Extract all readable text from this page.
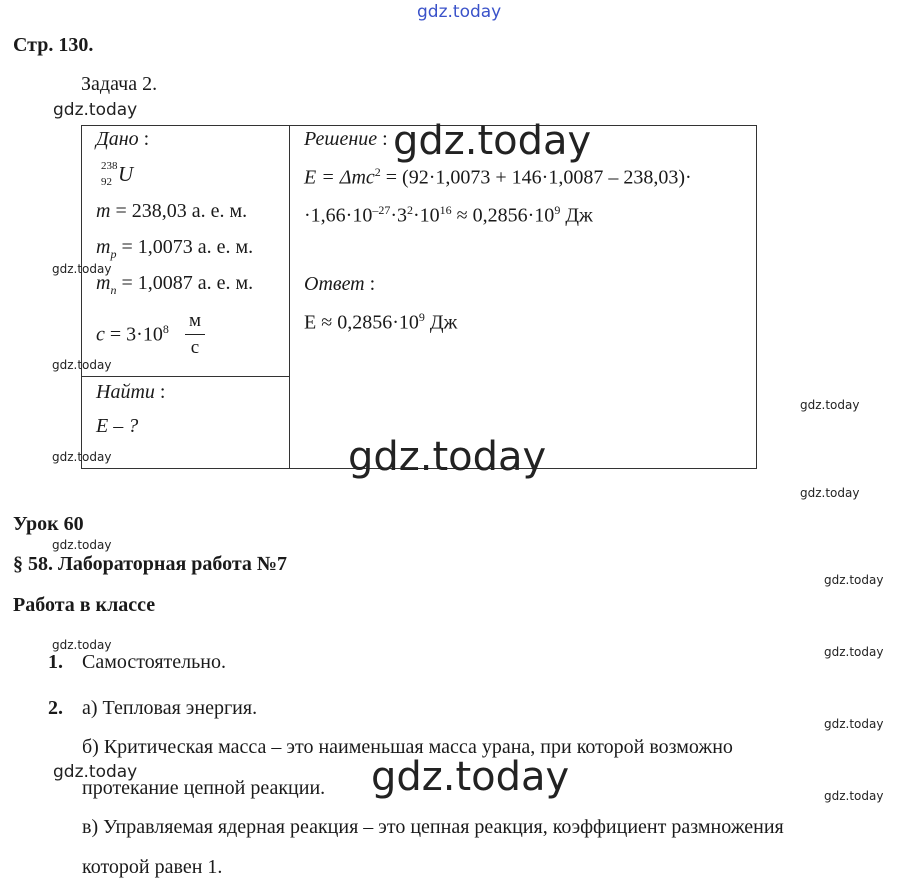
gdz.today
Стр. 130.
Задача 2.
Дано :
238
92 U
m = 238,03 а. е. м.
$m_p = 1,0073$ а. е. м.
$m_n = 1,0087$ а. е. м.
$c = 3\cdot 10^8$ м
с
Найти :
E – ?
Решение :
E = Δmc$^2$ = (92·1,0073 + 146·1,0087 – 238,03)·
$\cdot 1,66\cdot 10^{-27}\cdot 3^2\cdot 10^{16} \approx 0,2856\cdot 10^9$ Дж
Ответ :
$E \approx 0,2856\cdot 10^9$ Дж
Урок 60
§ 58. Лабораторная работа №7
Работа в классе
1. Самостоятельно.
2. а) Тепловая энергия.
б) Критическая масса – это наименьшая масса урана, при которой возможно
протекание цепной реакции.
в) Управляемая ядерная реакция – это цепная реакция, коэффициент размножения
которой равен 1.
gdz.today
gdz.today
gdz.today
gdz.today
gdz.today
gdz.today
gdz.today
gdz.today
gdz.today
gdz.today
gdz.today	gdz.today
gdz.today
gdz.today	gdz.today	gdz.today
